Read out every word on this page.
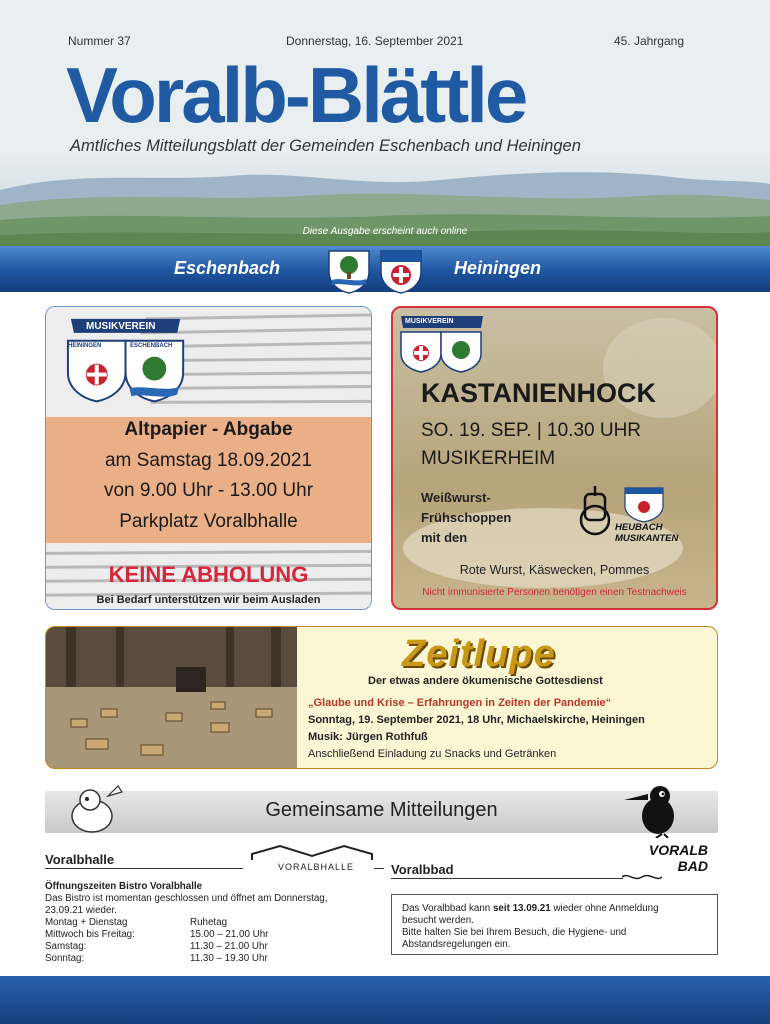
Nummer 37	Donnerstag, 16. September 2021	45. Jahrgang
Voralb-Blättle
Amtliches Mitteilungsblatt der Gemeinden Eschenbach und Heiningen
Diese Ausgabe erscheint auch online
Eschenbach	Heiningen
MUSIKVEREIN
HEININGEN	ESCHENBACH
Altpapier - Abgabe
am Samstag 18.09.2021
von 9.00 Uhr - 13.00 Uhr
Parkplatz Voralbhalle
KEINE ABHOLUNG
Bei Bedarf unterstützen wir beim Ausladen
MUSIKVEREIN
KASTANIENHOCK
SO. 19. SEP. | 10.30 UHR
MUSIKERHEIM
Weißwurst-
Frühschoppen
mit den
HEUBACH
MUSIKANTEN
Rote Wurst, Käswecken, Pommes
Nicht immunisierte Personen benötigen einen Testnachweis
Zeitlupe
Der etwas andere ökumenische Gottesdienst
„Glaube und Krise – Erfahrungen in Zeiten der Pandemie“
Sonntag, 19. September 2021, 18 Uhr, Michaelskirche, Heiningen
Musik: Jürgen Rothfuß
Anschließend Einladung zu Snacks und Getränken
Gemeinsame Mitteilungen
Voralbhalle	VORALBHALLE
Öffnungszeiten Bistro Voralbhalle
Das Bistro ist momentan geschlossen und öffnet am Donnerstag,
23.09.21 wieder.
Montag + Dienstag	Ruhetag
Mittwoch bis Freitag:	15.00 – 21.00 Uhr
Samstag:	11.30 – 21.00 Uhr
Sonntag:	11.30 – 19.30 Uhr
Voralbbad
VORALB
BAD
Das Voralbbad kann seit 13.09.21 wieder ohne Anmeldung
besucht werden.
Bitte halten Sie bei Ihrem Besuch, die Hygiene- und
Abstandsregelungen ein.
